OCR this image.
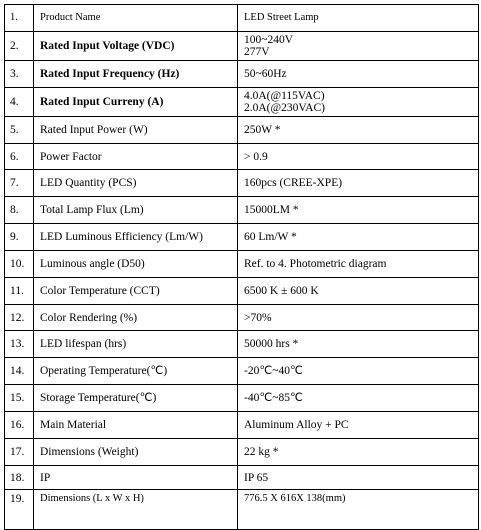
1.	Product Name	LED Street Lamp
2.	Rated Input Voltage (VDC)	100~240V
277V

3.	Rated Input Frequency (Hz)	50~60Hz
4.	Rated Input Curreny (A)	4.0A(@115VAC)
2.0A(@230VAC)

5.	Rated Input Power (W)	250W *
6.	Power Factor	> 0.9
7.	LED Quantity (PCS)	160pcs (CREE-XPE)
8.	Total Lamp Flux (Lm)	15000LM *
9.	LED Luminous Efficiency (Lm/W)	60 Lm/W *
10.	Luminous angle (D50)	Ref. to 4. Photometric diagram
11.	Color Temperature (CCT)	6500 K ± 600 K
12.	Color Rendering (%)	>70%
13.	LED lifespan (hrs)	50000 hrs *
14.	Operating Temperature(℃)	-20℃~40℃
15.	Storage Temperature(℃)	-40℃~85℃
16.	Main Material	Aluminum Alloy + PC
17.	Dimensions (Weight)	22 kg *
18.	IP	IP 65
19.	Dimensions (L x W x H)	776.5 X 616X 138(mm)
